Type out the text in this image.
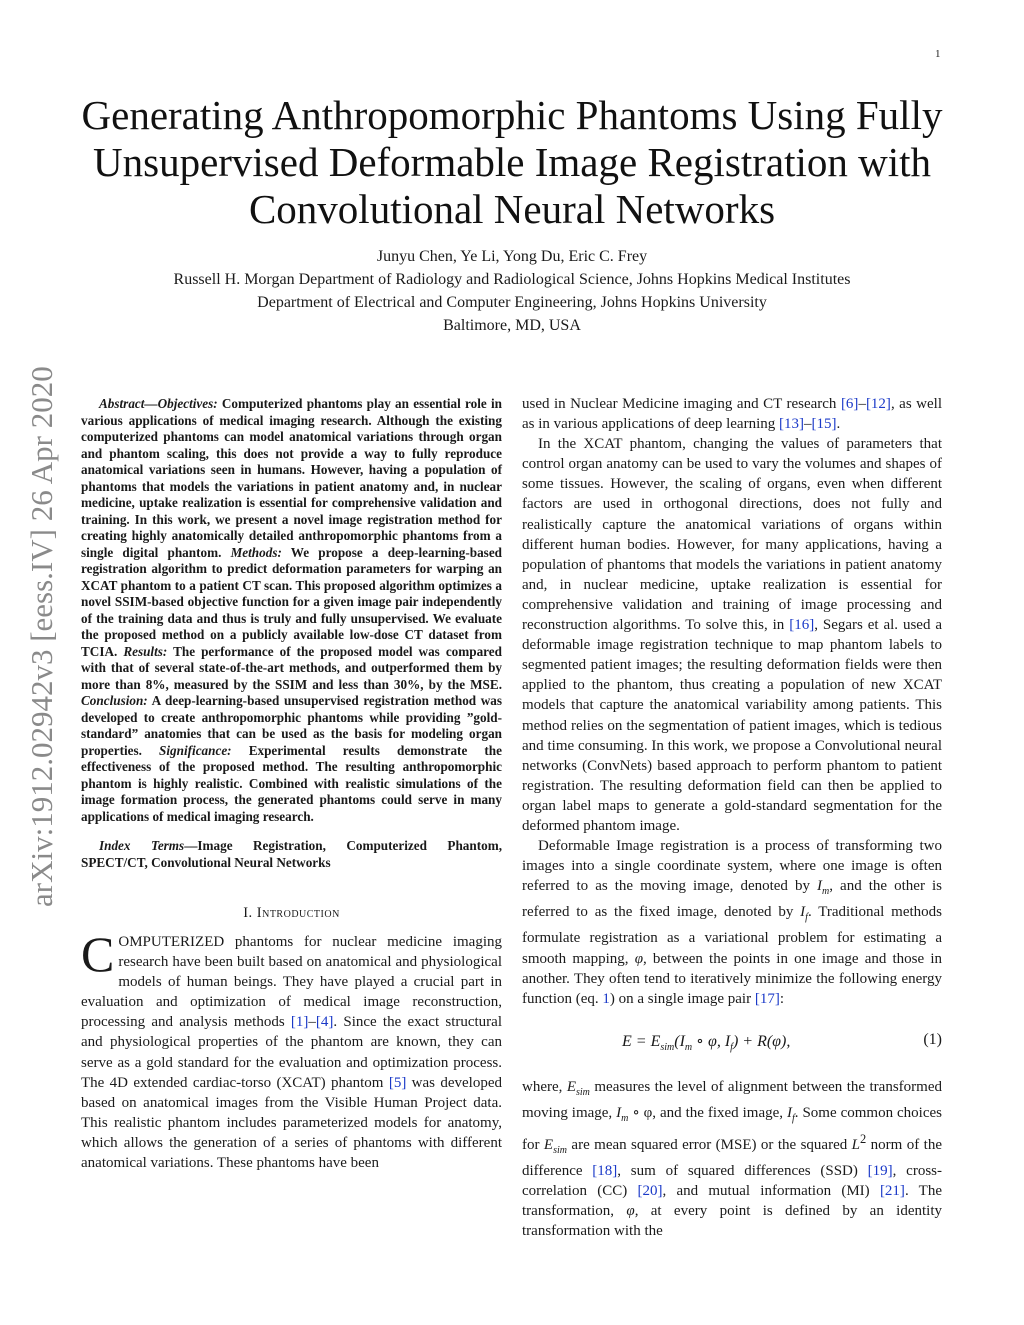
1
arXiv:1912.02942v3 [eess.IV] 26 Apr 2020
Generating Anthropomorphic Phantoms Using Fully Unsupervised Deformable Image Registration with Convolutional Neural Networks
Junyu Chen, Ye Li, Yong Du, Eric C. Frey
Russell H. Morgan Department of Radiology and Radiological Science, Johns Hopkins Medical Institutes
Department of Electrical and Computer Engineering, Johns Hopkins University
Baltimore, MD, USA

Abstract—Objectives: Computerized phantoms play an essential role in various applications of medical imaging research. Although the existing computerized phantoms can model anatomical variations through organ and phantom scaling, this does not provide a way to fully reproduce anatomical variations seen in humans. However, having a population of phantoms that models the variations in patient anatomy and, in nuclear medicine, uptake realization is essential for comprehensive validation and training. In this work, we present a novel image registration method for creating highly anatomically detailed anthropomorphic phantoms from a single digital phantom. Methods: We propose a deep-learning-based registration algorithm to predict deformation parameters for warping an XCAT phantom to a patient CT scan. This proposed algorithm optimizes a novel SSIM-based objective function for a given image pair independently of the training data and thus is truly and fully unsupervised. We evaluate the proposed method on a publicly available low-dose CT dataset from TCIA. Results: The performance of the proposed model was compared with that of several state-of-the-art methods, and outperformed them by more than 8%, measured by the SSIM and less than 30%, by the MSE. Conclusion: A deep-learning-based unsupervised registration method was developed to create anthropomorphic phantoms while providing ”gold-standard” anatomies that can be used as the basis for modeling organ properties. Significance: Experimental results demonstrate the effectiveness of the proposed method. The resulting anthropomorphic phantom is highly realistic. Combined with realistic simulations of the image formation process, the generated phantoms could serve in many applications of medical imaging research.

Index Terms—Image Registration, Computerized Phantom, SPECT/CT, Convolutional Neural Networks

I. Introduction

COMPUTERIZED phantoms for nuclear medicine imaging research have been built based on anatomical and physiological models of human beings. They have played a crucial part in evaluation and optimization of medical image reconstruction, processing and analysis methods [1]–[4]. Since the exact structural and physiological properties of the phantom are known, they can serve as a gold standard for the evaluation and optimization process. The 4D extended cardiac-torso (XCAT) phantom [5] was developed based on anatomical images from the Visible Human Project data. This realistic phantom includes parameterized models for anatomy, which allows the generation of a series of phantoms with different anatomical variations. These phantoms have been

used in Nuclear Medicine imaging and CT research [6]–[12], as well as in various applications of deep learning [13]–[15].

In the XCAT phantom, changing the values of parameters that control organ anatomy can be used to vary the volumes and shapes of some tissues. However, the scaling of organs, even when different factors are used in orthogonal directions, does not fully and realistically capture the anatomical variations of organs within different human bodies. However, for many applications, having a population of phantoms that models the variations in patient anatomy and, in nuclear medicine, uptake realization is essential for comprehensive validation and training of image processing and reconstruction algorithms. To solve this, in [16], Segars et al. used a deformable image registration technique to map phantom labels to segmented patient images; the resulting deformation fields were then applied to the phantom, thus creating a population of new XCAT models that capture the anatomical variability among patients. This method relies on the segmentation of patient images, which is tedious and time consuming. In this work, we propose a Convolutional neural networks (ConvNets) based approach to perform phantom to patient registration. The resulting deformation field can then be applied to organ label maps to generate a gold-standard segmentation for the deformed phantom image.

Deformable Image registration is a process of transforming two images into a single coordinate system, where one image is often referred to as the moving image, denoted by $I_m$, and the other is referred to as the fixed image, denoted by $I_f$. Traditional methods formulate registration as a variational problem for estimating a smooth mapping, φ, between the points in one image and those in another. They often tend to iteratively minimize the following energy function (eq. 1) on a single image pair [17]:

$E = E_{sim}(I_m$ ∘ φ, $I_f) + R(\varphi)$,	(1)

where, $E_{sim}$ measures the level of alignment between the transformed moving image, $I_m$ ∘ φ, and the fixed image, $I_f$. Some common choices for $E_{sim}$ are mean squared error (MSE) or the squared $L^2$ norm of the difference [18], sum of squared differences (SSD) [19], cross-correlation (CC) [20], and mutual information (MI) [21]. The transformation, φ, at every point is defined by an identity transformation with the
